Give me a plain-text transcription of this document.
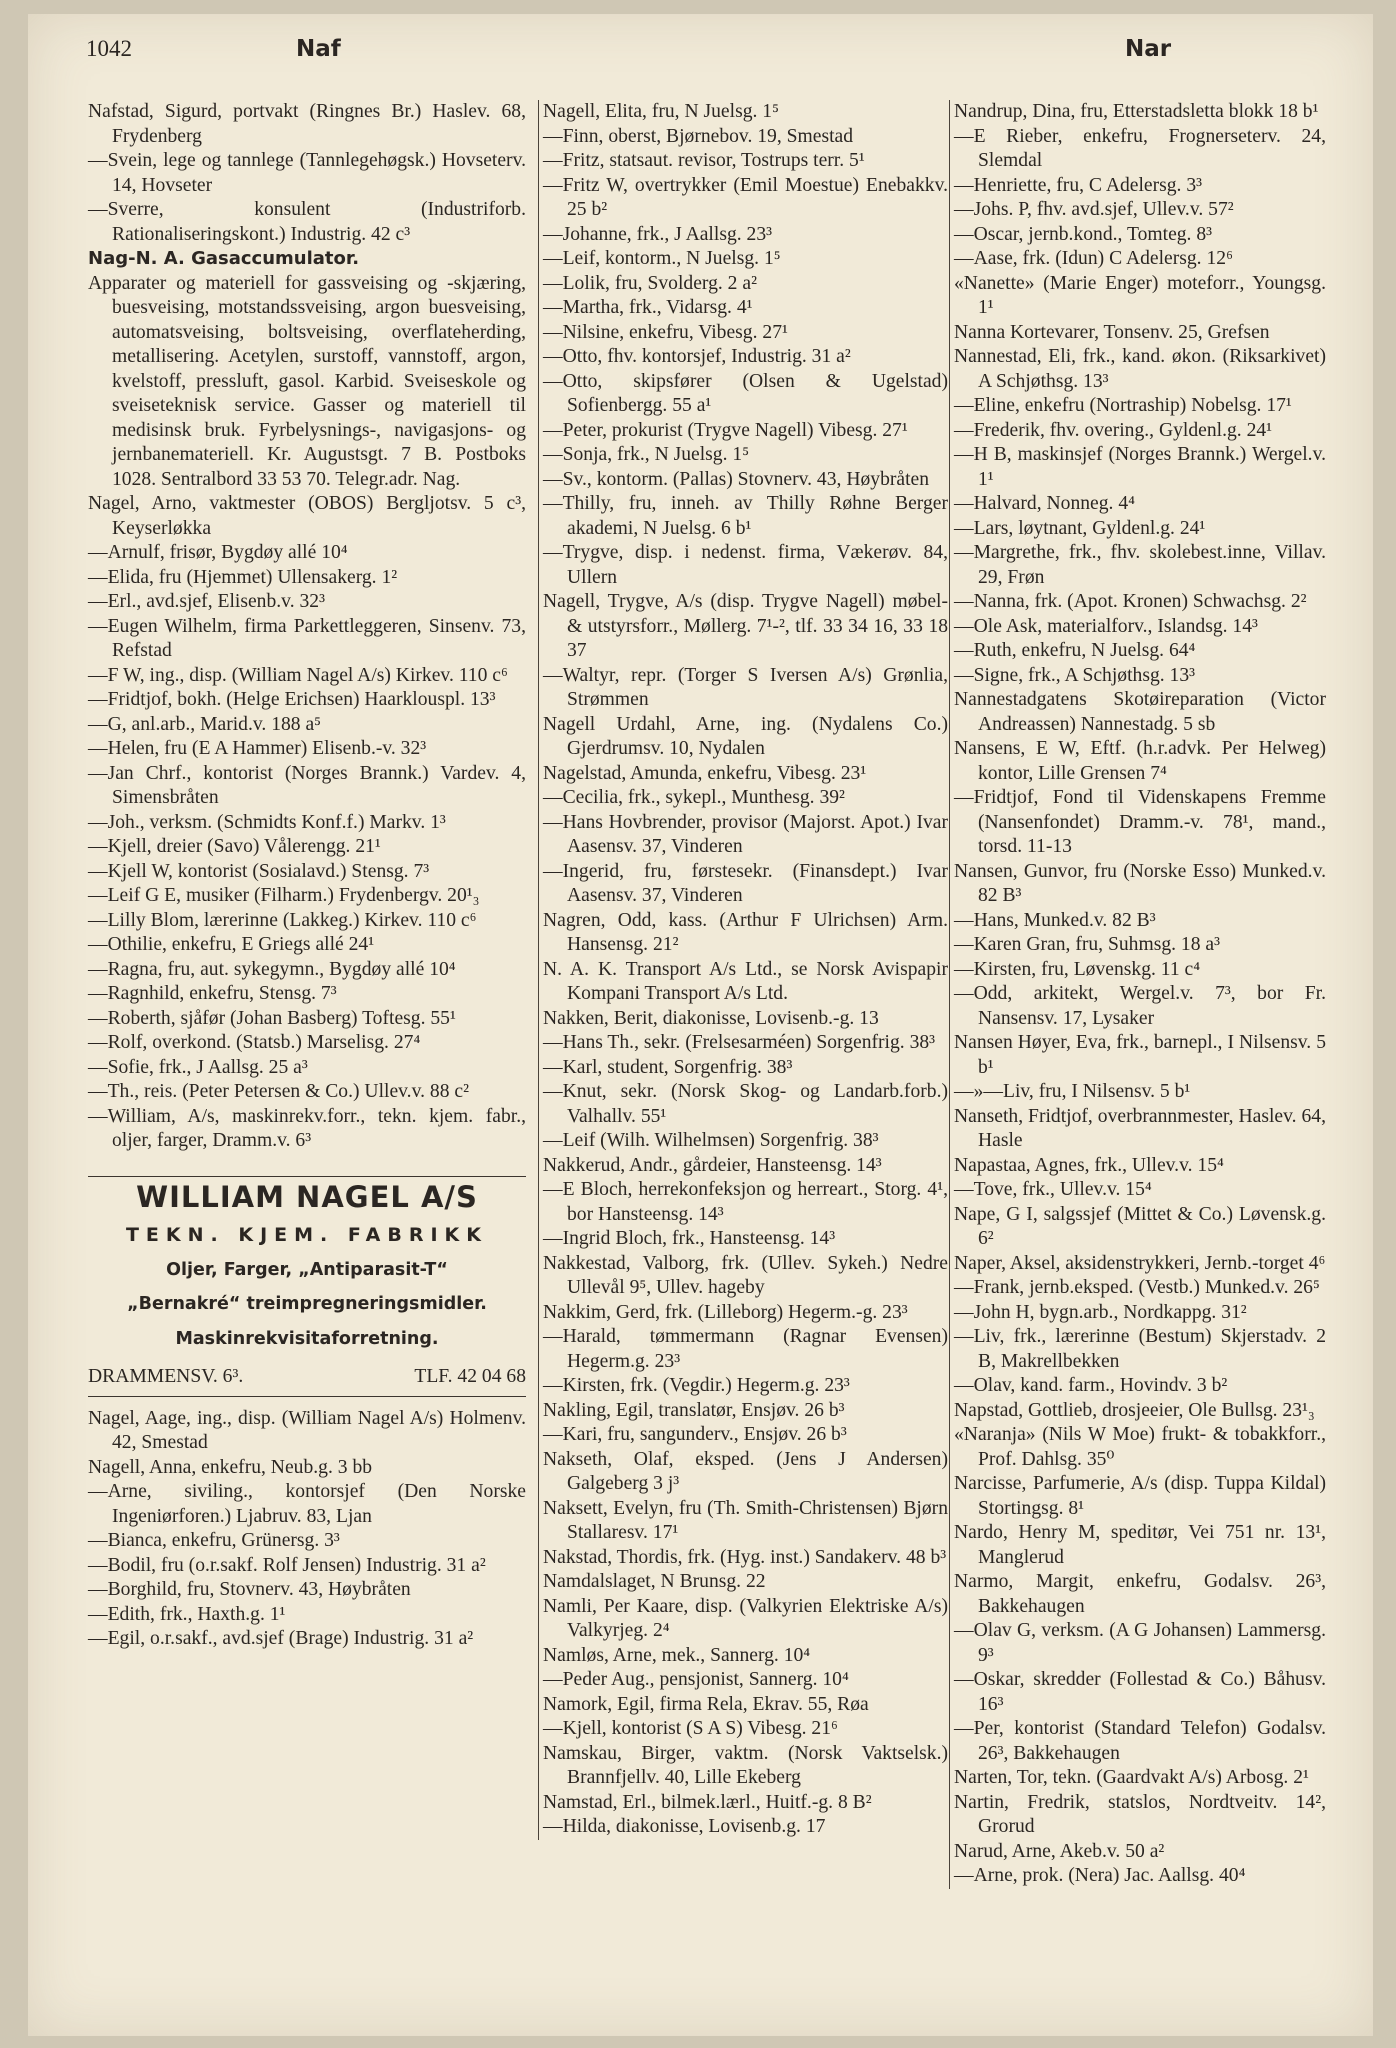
1042	Naf	Nar
Nafstad, Sigurd, portvakt (Ringnes Br.) Haslev. 68, Frydenberg
—Svein, lege og tannlege (Tannlegehøgsk.) Hovseterv. 14, Hovseter
—Sverre, konsulent (Industriforb. Rationaliseringskont.) Industrig. 42 c³
Nag-N. A. Gasaccumulator.
Apparater og materiell for gassveising og -skjæring, buesveising, motstandssveising, argon buesveising, automatsveising, boltsveising, overflateherding, metallisering. Acetylen, surstoff, vannstoff, argon, kvelstoff, pressluft, gasol. Karbid. Sveiseskole og sveiseteknisk service. Gasser og materiell til medisinsk bruk. Fyrbelysnings-, navigasjons- og jernbanemateriell. Kr. Augustsgt. 7 B. Postboks 1028. Sentralbord 33 53 70. Telegr.adr. Nag.
Nagel, Arno, vaktmester (OBOS) Bergljotsv. 5 c³, Keyserløkka
—Arnulf, frisør, Bygdøy allé 10⁴
—Elida, fru (Hjemmet) Ullensakerg. 1²
—Erl., avd.sjef, Elisenb.v. 32³
—Eugen Wilhelm, firma Parkettleggeren, Sinsenv. 73, Refstad
—F W, ing., disp. (William Nagel A/s) Kirkev. 110 c⁶
—Fridtjof, bokh. (Helge Erichsen) Haarklouspl. 13³
—G, anl.arb., Marid.v. 188 a⁵
—Helen, fru (E A Hammer) Elisenb.-v. 32³
—Jan Chrf., kontorist (Norges Brannk.) Vardev. 4, Simensbråten
—Joh., verksm. (Schmidts Konf.f.) Markv. 1³
—Kjell, dreier (Savo) Vålerengg. 21¹
—Kjell W, kontorist (Sosialavd.) Stensg. 7³
—Leif G E, musiker (Filharm.) Frydenbergv. 20¹₃
—Lilly Blom, lærerinne (Lakkeg.) Kirkev. 110 c⁶
—Othilie, enkefru, E Griegs allé 24¹
—Ragna, fru, aut. sykegymn., Bygdøy allé 10⁴
—Ragnhild, enkefru, Stensg. 7³
—Roberth, sjåfør (Johan Basberg) Toftesg. 55¹
—Rolf, overkond. (Statsb.) Marselisg. 27⁴
—Sofie, frk., J Aallsg. 25 a³
—Th., reis. (Peter Petersen & Co.) Ullev.v. 88 c²
—William, A/s, maskinrekv.forr., tekn. kjem. fabr., oljer, farger, Dramm.v. 6³
WILLIAM NAGEL A/S
TEKN. KJEM. FABRIKK
Oljer, Farger, „Antiparasit-T“
„Bernakré“ treimpregneringsmidler.
Maskinrekvisitaforretning.
DRAMMENSV. 6³.	TLF. 42 04 68
Nagel, Aage, ing., disp. (William Nagel A/s) Holmenv. 42, Smestad
Nagell, Anna, enkefru, Neub.g. 3 bb
—Arne, siviling., kontorsjef (Den Norske Ingeniørforen.) Ljabruv. 83, Ljan
—Bianca, enkefru, Grünersg. 3³
—Bodil, fru (o.r.sakf. Rolf Jensen) Industrig. 31 a²
—Borghild, fru, Stovnerv. 43, Høybråten
—Edith, frk., Haxth.g. 1¹
—Egil, o.r.sakf., avd.sjef (Brage) Industrig. 31 a²
Nagell, Elita, fru, N Juelsg. 1⁵
—Finn, oberst, Bjørnebov. 19, Smestad
—Fritz, statsaut. revisor, Tostrups terr. 5¹
—Fritz W, overtrykker (Emil Moestue) Enebakkv. 25 b²
—Johanne, frk., J Aallsg. 23³
—Leif, kontorm., N Juelsg. 1⁵
—Lolik, fru, Svolderg. 2 a²
—Martha, frk., Vidarsg. 4¹
—Nilsine, enkefru, Vibesg. 27¹
—Otto, fhv. kontorsjef, Industrig. 31 a²
—Otto, skipsfører (Olsen & Ugelstad) Sofienbergg. 55 a¹
—Peter, prokurist (Trygve Nagell) Vibesg. 27¹
—Sonja, frk., N Juelsg. 1⁵
—Sv., kontorm. (Pallas) Stovnerv. 43, Høybråten
—Thilly, fru, inneh. av Thilly Røhne Berger akademi, N Juelsg. 6 b¹
—Trygve, disp. i nedenst. firma, Vækerøv. 84, Ullern
Nagell, Trygve, A/s (disp. Trygve Nagell) møbel- & utstyrsforr., Møllerg. 7¹-², tlf. 33 34 16, 33 18 37
—Waltyr, repr. (Torger S Iversen A/s) Grønlia, Strømmen
Nagell Urdahl, Arne, ing. (Nydalens Co.) Gjerdrumsv. 10, Nydalen
Nagelstad, Amunda, enkefru, Vibesg. 23¹
—Cecilia, frk., sykepl., Munthesg. 39²
—Hans Hovbrender, provisor (Majorst. Apot.) Ivar Aasensv. 37, Vinderen
—Ingerid, fru, førstesekr. (Finansdept.) Ivar Aasensv. 37, Vinderen
Nagren, Odd, kass. (Arthur F Ulrichsen) Arm. Hansensg. 21²
N. A. K. Transport A/s Ltd., se Norsk Avispapir Kompani Transport A/s Ltd.
Nakken, Berit, diakonisse, Lovisenb.-g. 13
—Hans Th., sekr. (Frelsesarméen) Sorgenfrig. 38³
—Karl, student, Sorgenfrig. 38³
—Knut, sekr. (Norsk Skog- og Landarb.forb.) Valhallv. 55¹
—Leif (Wilh. Wilhelmsen) Sorgenfrig. 38³
Nakkerud, Andr., gårdeier, Hansteensg. 14³
—E Bloch, herrekonfeksjon og herreart., Storg. 4¹, bor Hansteensg. 14³
—Ingrid Bloch, frk., Hansteensg. 14³
Nakkestad, Valborg, frk. (Ullev. Sykeh.) Nedre Ullevål 9⁵, Ullev. hageby
Nakkim, Gerd, frk. (Lilleborg) Hegerm.-g. 23³
—Harald, tømmermann (Ragnar Evensen) Hegerm.g. 23³
—Kirsten, frk. (Vegdir.) Hegerm.g. 23³
Nakling, Egil, translatør, Ensjøv. 26 b³
—Kari, fru, sangunderv., Ensjøv. 26 b³
Nakseth, Olaf, eksped. (Jens J Andersen) Galgeberg 3 j³
Naksett, Evelyn, fru (Th. Smith-Christensen) Bjørn Stallaresv. 17¹
Nakstad, Thordis, frk. (Hyg. inst.) Sandakerv. 48 b³
Namdalslaget, N Brunsg. 22
Namli, Per Kaare, disp. (Valkyrien Elektriske A/s) Valkyrjeg. 2⁴
Namløs, Arne, mek., Sannerg. 10⁴
—Peder Aug., pensjonist, Sannerg. 10⁴
Namork, Egil, firma Rela, Ekrav. 55, Røa
—Kjell, kontorist (S A S) Vibesg. 21⁶
Namskau, Birger, vaktm. (Norsk Vaktselsk.) Brannfjellv. 40, Lille Ekeberg
Namstad, Erl., bilmek.lærl., Huitf.-g. 8 B²
—Hilda, diakonisse, Lovisenb.g. 17
Nandrup, Dina, fru, Etterstadsletta blokk 18 b¹
—E Rieber, enkefru, Frognerseterv. 24, Slemdal
—Henriette, fru, C Adelersg. 3³
—Johs. P, fhv. avd.sjef, Ullev.v. 57²
—Oscar, jernb.kond., Tomteg. 8³
—Aase, frk. (Idun) C Adelersg. 12⁶
«Nanette» (Marie Enger) moteforr., Youngsg. 1¹
Nanna Kortevarer, Tonsenv. 25, Grefsen
Nannestad, Eli, frk., kand. økon. (Riksarkivet) A Schjøthsg. 13³
—Eline, enkefru (Nortraship) Nobelsg. 17¹
—Frederik, fhv. overing., Gyldenl.g. 24¹
—H B, maskinsjef (Norges Brannk.) Wergel.v. 1¹
—Halvard, Nonneg. 4⁴
—Lars, løytnant, Gyldenl.g. 24¹
—Margrethe, frk., fhv. skolebest.inne, Villav. 29, Frøn
—Nanna, frk. (Apot. Kronen) Schwachsg. 2²
—Ole Ask, materialforv., Islandsg. 14³
—Ruth, enkefru, N Juelsg. 64⁴
—Signe, frk., A Schjøthsg. 13³
Nannestadgatens Skotøireparation (Victor Andreassen) Nannestadg. 5 sb
Nansens, E W, Eftf. (h.r.advk. Per Helweg) kontor, Lille Grensen 7⁴
—Fridtjof, Fond til Videnskapens Fremme (Nansenfondet) Dramm.-v. 78¹, mand., torsd. 11-13
Nansen, Gunvor, fru (Norske Esso) Munked.v. 82 B³
—Hans, Munked.v. 82 B³
—Karen Gran, fru, Suhmsg. 18 a³
—Kirsten, fru, Løvenskg. 11 c⁴
—Odd, arkitekt, Wergel.v. 7³, bor Fr. Nansensv. 17, Lysaker
Nansen Høyer, Eva, frk., barnepl., I Nilsensv. 5 b¹
—»—Liv, fru, I Nilsensv. 5 b¹
Nanseth, Fridtjof, overbrannmester, Haslev. 64, Hasle
Napastaa, Agnes, frk., Ullev.v. 15⁴
—Tove, frk., Ullev.v. 15⁴
Nape, G I, salgssjef (Mittet & Co.) Løvensk.g. 6²
Naper, Aksel, aksidenstrykkeri, Jernb.-torget 4⁶
—Frank, jernb.eksped. (Vestb.) Munked.v. 26⁵
—John H, bygn.arb., Nordkappg. 31²
—Liv, frk., lærerinne (Bestum) Skjerstadv. 2 B, Makrellbekken
—Olav, kand. farm., Hovindv. 3 b²
Napstad, Gottlieb, drosjeeier, Ole Bullsg. 23¹₃
«Naranja» (Nils W Moe) frukt- & tobakkforr., Prof. Dahlsg. 35⁰
Narcisse, Parfumerie, A/s (disp. Tuppa Kildal) Stortingsg. 8¹
Nardo, Henry M, speditør, Vei 751 nr. 13¹, Manglerud
Narmo, Margit, enkefru, Godalsv. 26³, Bakkehaugen
—Olav G, verksm. (A G Johansen) Lammersg. 9³
—Oskar, skredder (Follestad & Co.) Båhusv. 16³
—Per, kontorist (Standard Telefon) Godalsv. 26³, Bakkehaugen
Narten, Tor, tekn. (Gaardvakt A/s) Arbosg. 2¹
Nartin, Fredrik, statslos, Nordtveitv. 14², Grorud
Narud, Arne, Akeb.v. 50 a²
—Arne, prok. (Nera) Jac. Aallsg. 40⁴
